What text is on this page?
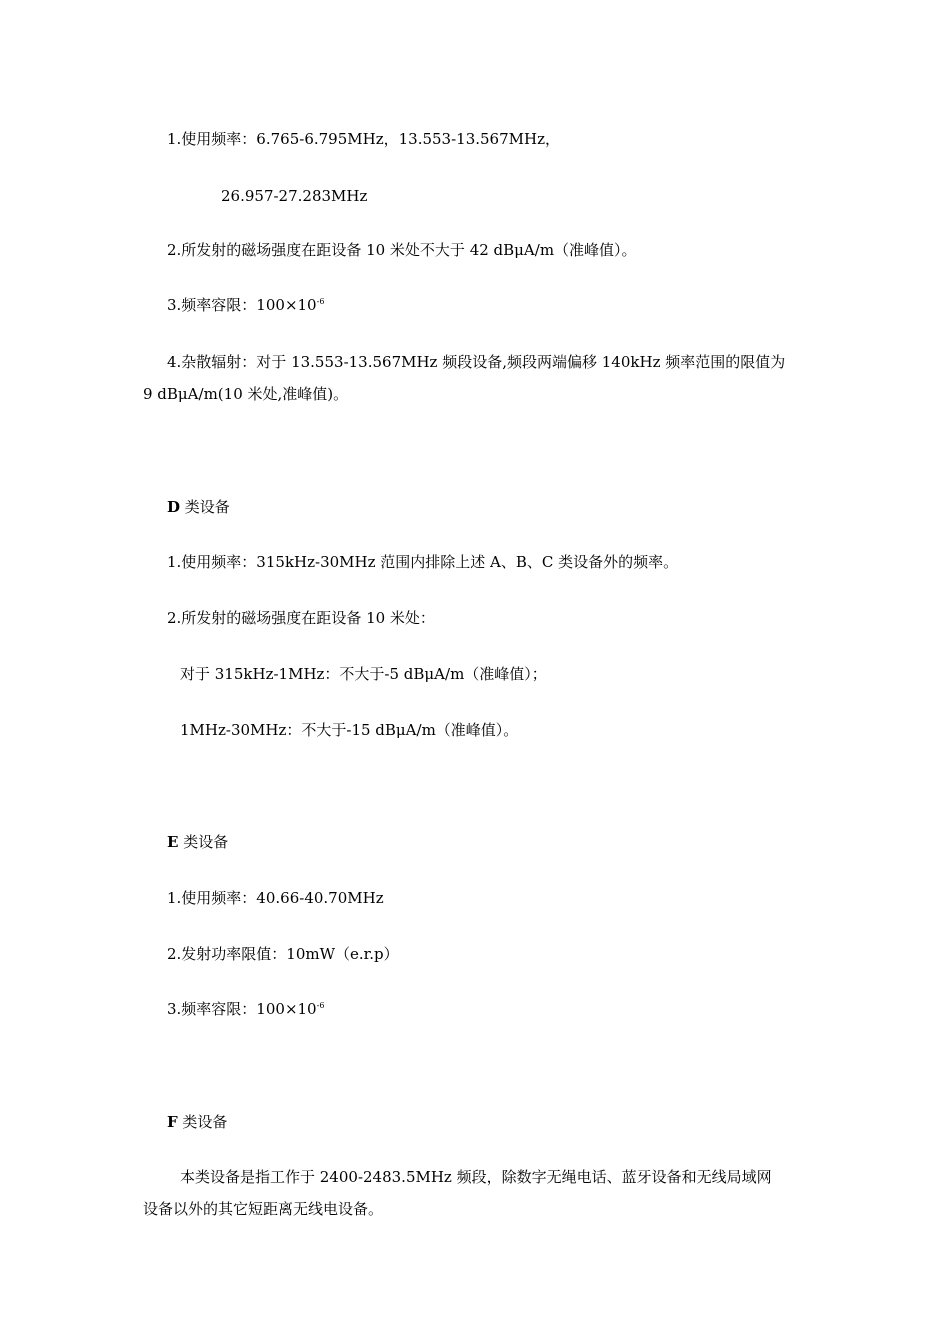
1.使用频率：6.765-6.795MHz，13.553-13.567MHz，
26.957-27.283MHz
2.所发射的磁场强度在距设备 10 米处不大于 42 dBμA/m（准峰值）。
3.频率容限：$100\times 10^{-6}$
4.杂散辐射：对于 13.553-13.567MHz 频段设备,频段两端偏移 140kHz 频率范围的限值为
9 dBμA/m(10 米处,准峰值)。
D 类设备
1.使用频率：315kHz-30MHz 范围内排除上述 A、B、C 类设备外的频率。
2.所发射的磁场强度在距设备 10 米处：
对于 315kHz-1MHz：不大于-5 dBμA/m（准峰值）；
1MHz-30MHz：不大于-15 dBμA/m（准峰值）。
E 类设备
1.使用频率：40.66-40.70MHz
2.发射功率限值：10mW（e.r.p）
3.频率容限：$100\times 10^{-6}$
F 类设备
本类设备是指工作于 2400-2483.5MHz 频段，除数字无绳电话、蓝牙设备和无线局域网
设备以外的其它短距离无线电设备。
